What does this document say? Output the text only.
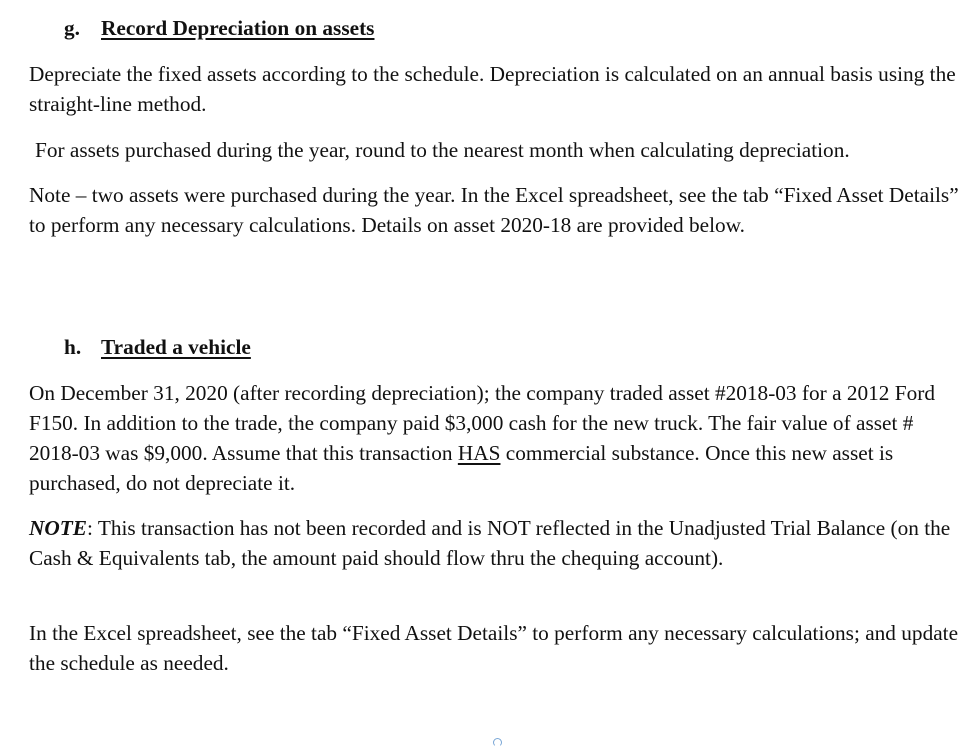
g. Record Depreciation on assets

Depreciate the fixed assets according to the schedule. Depreciation is calculated on an annual basis using the straight-line method.

For assets purchased during the year, round to the nearest month when calculating depreciation.

Note – two assets were purchased during the year. In the Excel spreadsheet, see the tab “Fixed Asset Details” to perform any necessary calculations. Details on asset 2020-18 are provided below.

h. Traded a vehicle

On December 31, 2020 (after recording depreciation); the company traded asset #2018-03 for a 2012 Ford F150. In addition to the trade, the company paid $3,000 cash for the new truck. The fair value of asset # 2018-03 was $9,000. Assume that this transaction HAS commercial substance. Once this new asset is purchased, do not depreciate it.

NOTE: This transaction has not been recorded and is NOT reflected in the Unadjusted Trial Balance (on the Cash & Equivalents tab, the amount paid should flow thru the chequing account).

In the Excel spreadsheet, see the tab “Fixed Asset Details” to perform any necessary calculations; and update the schedule as needed.
